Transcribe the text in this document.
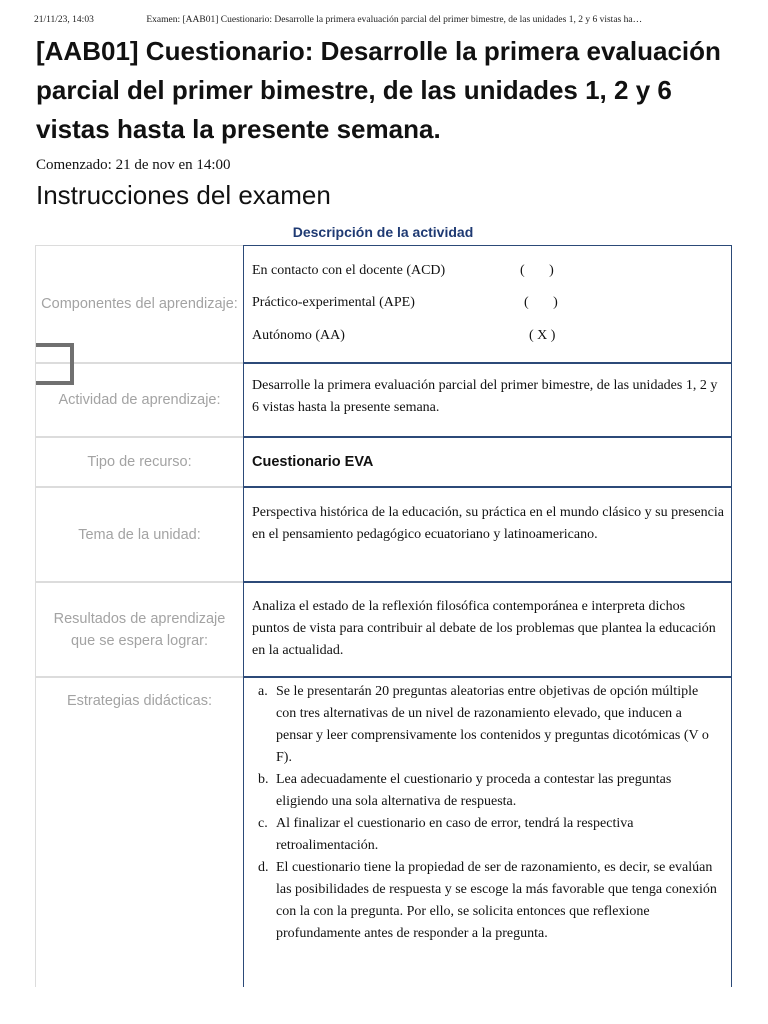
21/11/23, 14:03	Examen: [AAB01] Cuestionario: Desarrolle la primera evaluación parcial del primer bimestre, de las unidades 1, 2 y 6 vistas ha…
[AAB01] Cuestionario: Desarrolle la primera evaluación parcial del primer bimestre, de las unidades 1, 2 y 6 vistas hasta la presente semana.
Comenzado: 21 de nov en 14:00
Instrucciones del examen
Descripción de la actividad
Componentes del aprendizaje:
En contacto con el docente (ACD)	(       )
Práctico-experimental (APE)	(       )
Autónomo (AA)	( X )
Actividad de aprendizaje:
Desarrolle la primera evaluación parcial del primer bimestre, de las unidades 1, 2 y 6 vistas hasta la presente semana.
Tipo de recurso:	Cuestionario EVA
Tema de la unidad:
Perspectiva histórica de la educación, su práctica en el mundo clásico y su presencia en el pensamiento pedagógico ecuatoriano y latinoamericano.
Resultados de aprendizaje que se espera lograr:
Analiza el estado de la reflexión filosófica contemporánea e interpreta dichos puntos de vista para contribuir al debate de los problemas que plantea la educación en la actualidad.
Estrategias didácticas:
a. Se le presentarán 20 preguntas aleatorias entre objetivas de opción múltiple con tres alternativas de un nivel de razonamiento elevado, que inducen a pensar y leer comprensivamente los contenidos y preguntas dicotómicas (V o F).
b. Lea adecuadamente el cuestionario y proceda a contestar las preguntas eligiendo una sola alternativa de respuesta.
c. Al finalizar el cuestionario en caso de error, tendrá la respectiva retroalimentación.
d. El cuestionario tiene la propiedad de ser de razonamiento, es decir, se evalúan las posibilidades de respuesta y se escoge la más favorable que tenga conexión con la con la pregunta. Por ello, se solicita entonces que reflexione profundamente antes de responder a la pregunta.
